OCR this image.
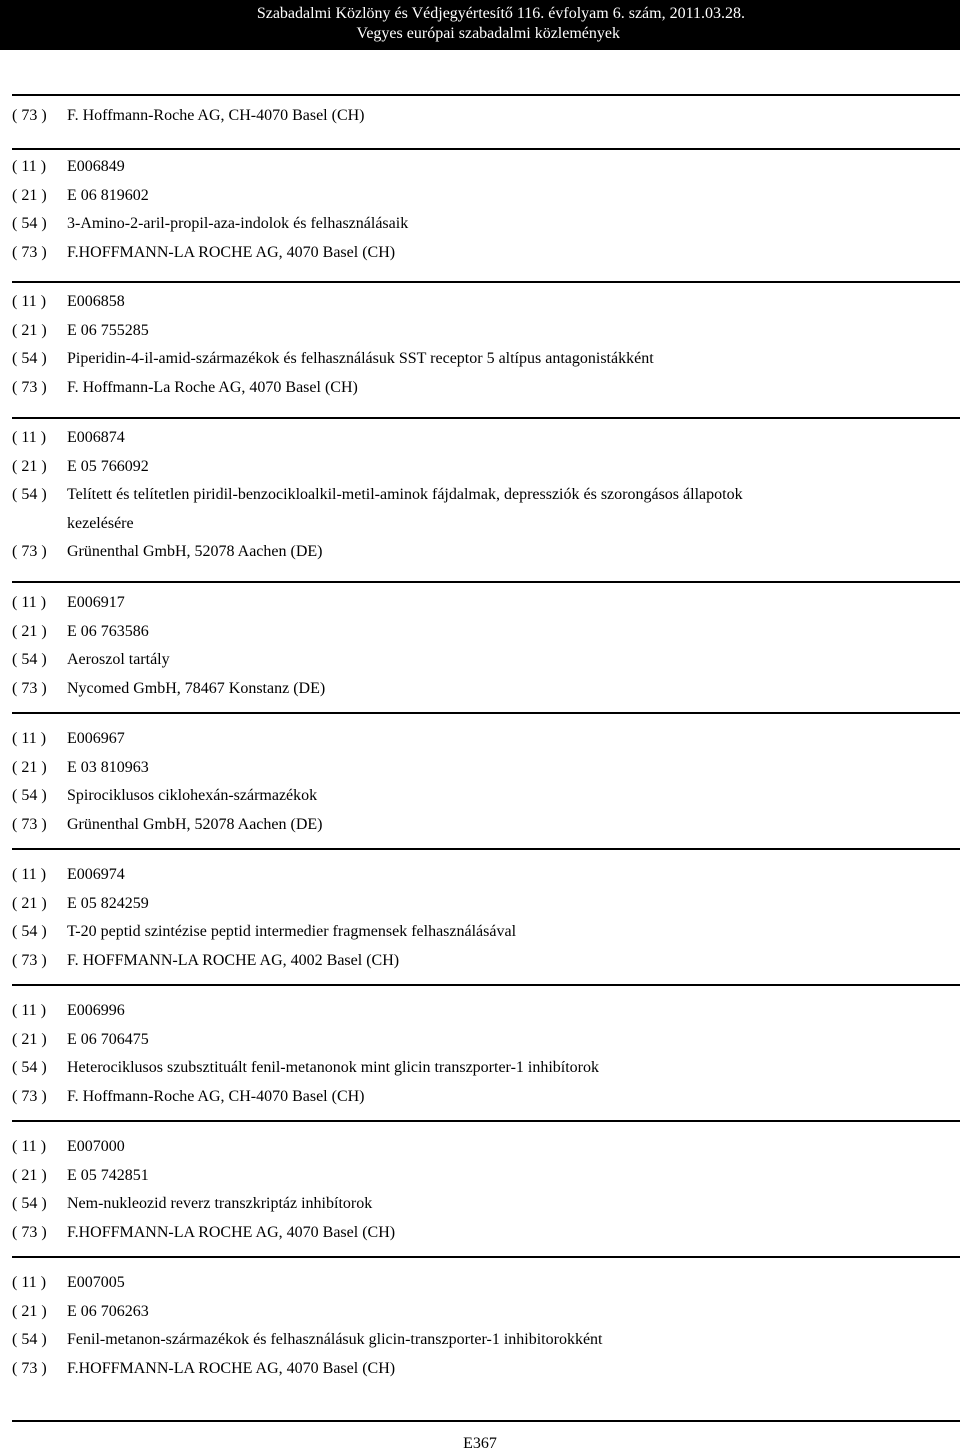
Szabadalmi Közlöny és Védjegyértesítő 116. évfolyam 6. szám, 2011.03.28.
Vegyes európai szabadalmi közlemények
( 73 )	F. Hoffmann-Roche AG, CH-4070 Basel (CH)
( 11 )	E006849
( 21 )	E 06 819602
( 54 )	3-Amino-2-aril-propil-aza-indolok és felhasználásaik
( 73 )	F.HOFFMANN-LA ROCHE AG, 4070 Basel (CH)
( 11 )	E006858
( 21 )	E 06 755285
( 54 )	Piperidin-4-il-amid-származékok és felhasználásuk SST receptor 5 altípus antagonistákként
( 73 )	F. Hoffmann-La Roche AG, 4070 Basel (CH)
( 11 )	E006874
( 21 )	E 05 766092
( 54 )	Telített és telítetlen piridil-benzocikloalkil-metil-aminok fájdalmak, depressziók és szorongásos állapotok
kezelésére
( 73 )	Grünenthal GmbH, 52078 Aachen (DE)
( 11 )	E006917
( 21 )	E 06 763586
( 54 )	Aeroszol tartály
( 73 )	Nycomed GmbH, 78467 Konstanz (DE)
( 11 )	E006967
( 21 )	E 03 810963
( 54 )	Spirociklusos ciklohexán-származékok
( 73 )	Grünenthal GmbH, 52078 Aachen (DE)
( 11 )	E006974
( 21 )	E 05 824259
( 54 )	T-20 peptid szintézise peptid intermedier fragmensek felhasználásával
( 73 )	F. HOFFMANN-LA ROCHE AG, 4002 Basel (CH)
( 11 )	E006996
( 21 )	E 06 706475
( 54 )	Heterociklusos szubsztituált fenil-metanonok mint glicin transzporter-1 inhibítorok
( 73 )	F. Hoffmann-Roche AG, CH-4070 Basel (CH)
( 11 )	E007000
( 21 )	E 05 742851
( 54 )	Nem-nukleozid reverz transzkriptáz inhibítorok
( 73 )	F.HOFFMANN-LA ROCHE AG, 4070 Basel (CH)
( 11 )	E007005
( 21 )	E 06 706263
( 54 )	Fenil-metanon-származékok és felhasználásuk glicin-transzporter-1 inhibitorokként
( 73 )	F.HOFFMANN-LA ROCHE AG, 4070 Basel (CH)
E367
